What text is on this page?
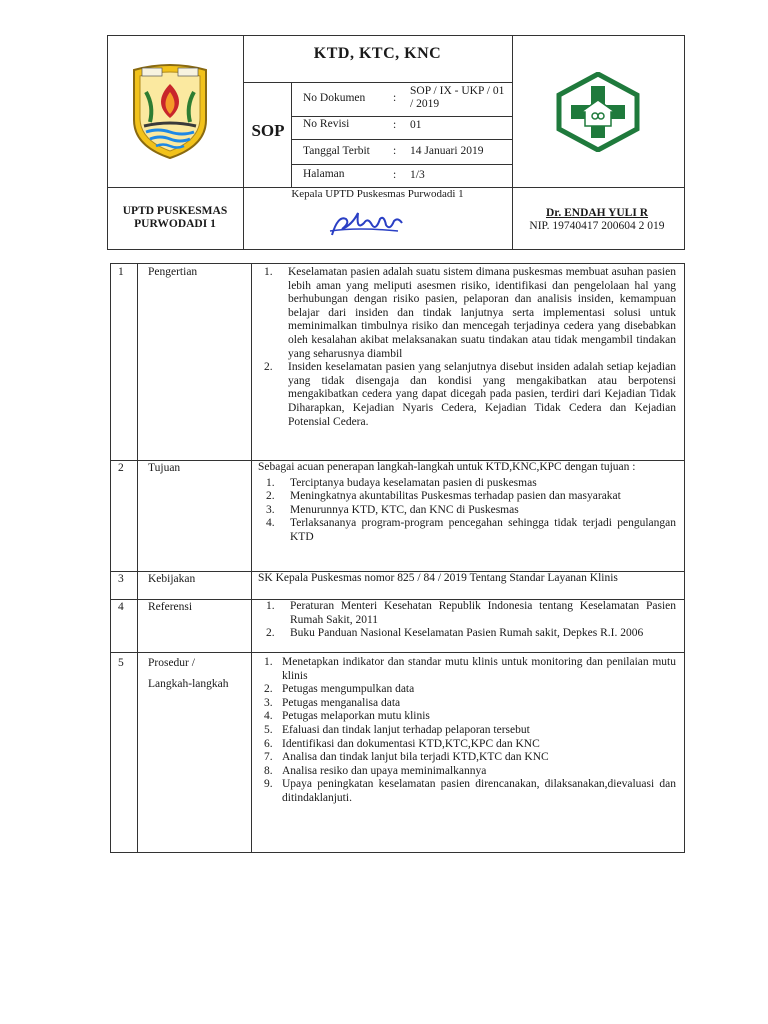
KTD, KTC, KNC
SOP
No Dokumen :
SOP / IX - UKP / 01 / 2019
No Revisi	: 01
Tanggal Terbit : 14 Januari 2019
Halaman	: 1/3
UPTD PUSKESMAS
PURWODADI 1
Kepala UPTD Puskesmas Purwodadi 1
Dr. ENDAH YULI R
NIP. 19740417 200604 2 019
1 Pengertian	1. Keselamatan pasien adalah suatu sistem dimana puskesmas membuat asuhan pasien lebih aman yang meliputi asesmen risiko, identifikasi dan pengelolaan hal yang berhubungan dengan risiko pasien, pelaporan dan analisis insiden, kemampuan belajar dari insiden dan tindak lanjutnya serta implementasi solusi untuk meminimalkan timbulnya risiko dan mencegah terjadinya cedera yang disebabkan oleh kesalahan akibat melaksanakan suatu tindakan atau tidak mengambil tindakan yang seharusnya diambil
2. Insiden keselamatan pasien yang selanjutnya disebut insiden adalah setiap kejadian yang tidak disengaja dan kondisi yang mengakibatkan atau berpotensi mengakibatkan cedera yang dapat dicegah pada pasien, terdiri dari Kejadian Tidak Diharapkan, Kejadian Nyaris Cedera, Kejadian Tidak Cedera dan Kejadian Potensial Cedera.
2 Tujuan	Sebagai acuan penerapan langkah-langkah untuk KTD,KNC,KPC dengan tujuan :
1. Terciptanya budaya keselamatan pasien di puskesmas
2. Meningkatnya akuntabilitas Puskesmas terhadap pasien dan masyarakat
3. Menurunnya KTD, KTC, dan KNC di Puskesmas
4. Terlaksananya program-program pencegahan sehingga tidak terjadi pengulangan KTD
3 Kebijakan	SK Kepala Puskesmas nomor 825 / 84 / 2019 Tentang Standar Layanan Klinis
4 Referensi	1. Peraturan Menteri Kesehatan Republik Indonesia tentang Keselamatan Pasien Rumah Sakit, 2011
2. Buku Panduan Nasional Keselamatan Pasien Rumah sakit, Depkes R.I. 2006
5 Prosedur /
Langkah-langkah
1. Menetapkan indikator dan standar mutu klinis untuk monitoring dan penilaian mutu klinis
2. Petugas mengumpulkan data
3. Petugas menganalisa data
4. Petugas melaporkan mutu klinis
5. Efaluasi dan tindak lanjut terhadap pelaporan tersebut
6. Identifikasi dan dokumentasi KTD,KTC,KPC dan KNC
7. Analisa dan tindak lanjut bila terjadi KTD,KTC dan KNC
8. Analisa resiko dan upaya meminimalkannya
9. Upaya peningkatan keselamatan pasien direncanakan, dilaksanakan,dievaluasi dan ditindaklanjuti.
